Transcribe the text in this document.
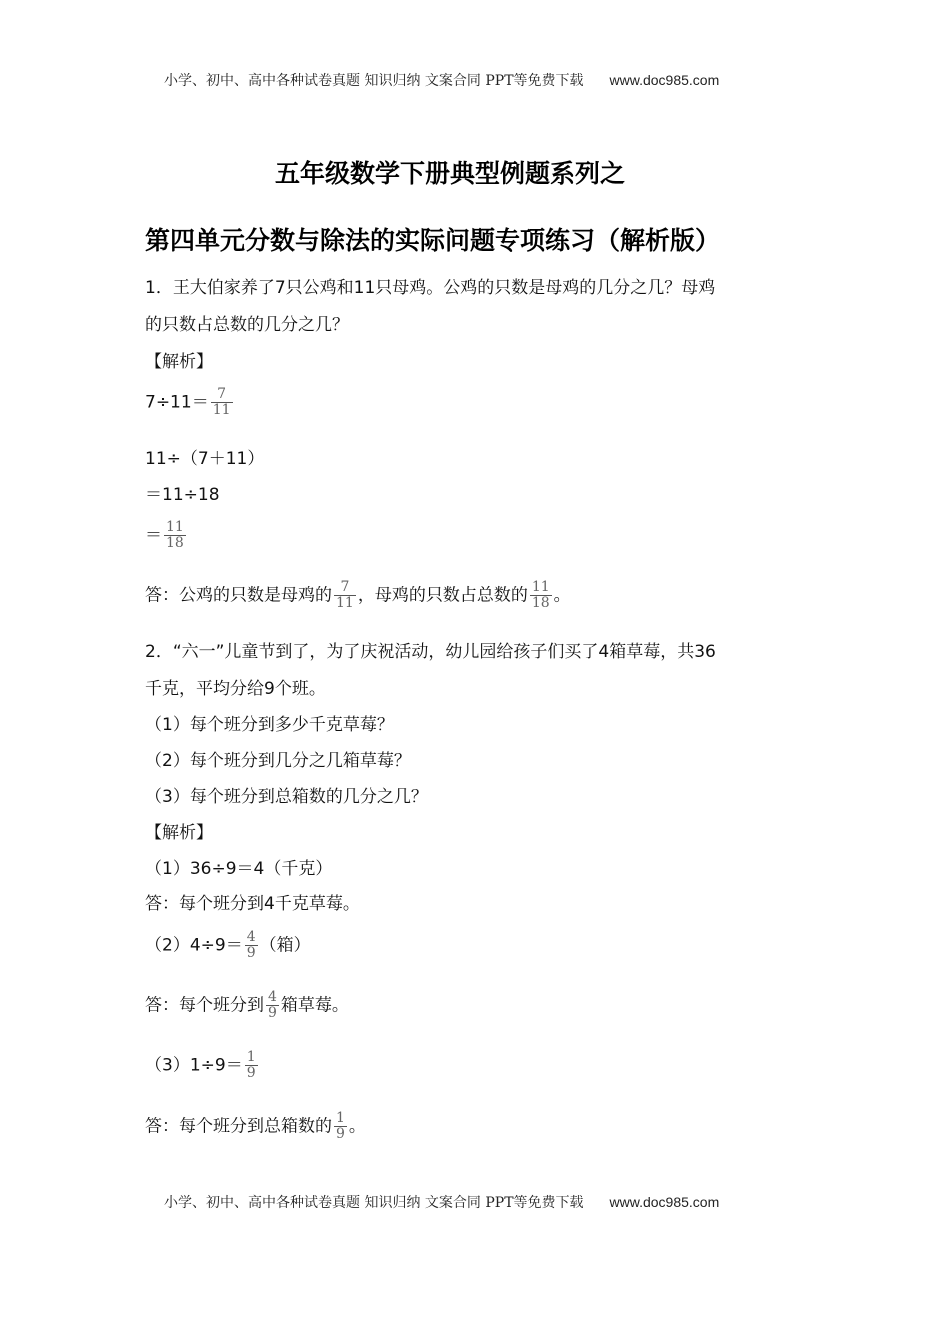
小学、初中、高中各种试卷真题 知识归纳 文案合同 PPT等免费下载 www.doc985.com
五年级数学下册典型例题系列之
第四单元分数与除法的实际问题专项练习（解析版）
1．王大伯家养了7只公鸡和11只母鸡。公鸡的只数是母鸡的几分之几？母鸡
的只数占总数的几分之几？
【解析】
$7\div 11= \frac{7}{11}$
11÷（7＋11）
＝11÷18
＝ $\frac{11}{18}$
答：公鸡的只数是母鸡的 $\frac{7}{11}$ ，母鸡的只数占总数的 $\frac{11}{18}$ 。
2．“六一”儿童节到了，为了庆祝活动，幼儿园给孩子们买了4箱草莓，共36
千克，平均分给9个班。
（1）每个班分到多少千克草莓？
（2）每个班分到几分之几箱草莓？
（3）每个班分到总箱数的几分之几？
【解析】
（1）36÷9＝4（千克）
答：每个班分到4千克草莓。
$(2)4\div 9= \frac{4}{9}$ （箱）
答：每个班分到 $\frac{4}{9}$ 箱草莓。
$(3)1\div 9= \frac{1}{9}$
答：每个班分到总箱数的 $\frac{1}{9}$ 。
小学、初中、高中各种试卷真题 知识归纳 文案合同 PPT等免费下载 www.doc985.com
